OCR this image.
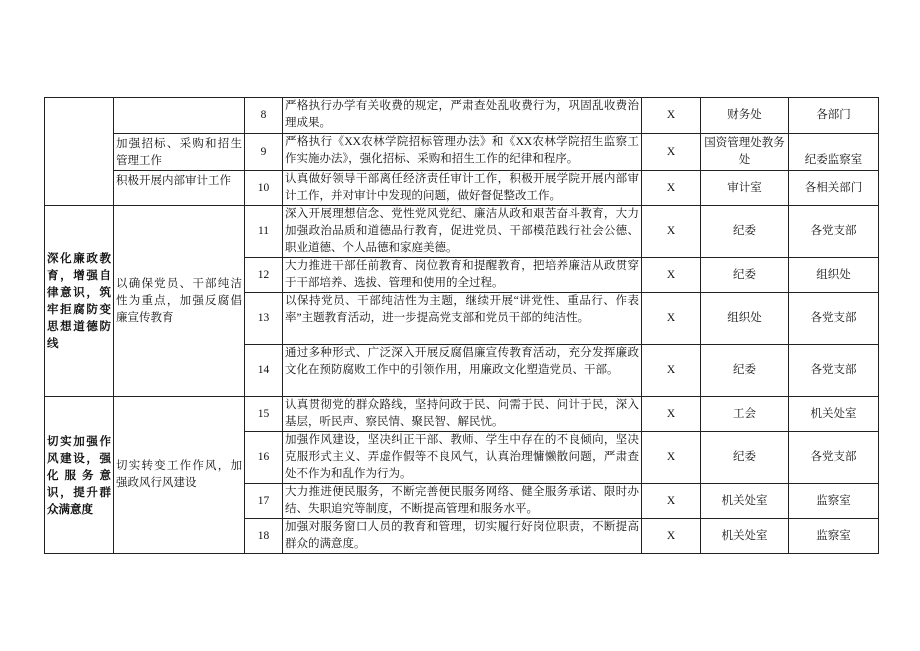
		8	严格执行办学有关收费的规定，严肃查处乱收费行为，巩固乱收费治理成果。	X	财务处	各部门
	加强招标、采购和招生管理工作	9	严格执行《XX农林学院招标管理办法》和《XX农林学院招生监察工作实施办法》，强化招标、采购和招生工作的纪律和程序。	X	国资管理处教务处	纪委监察室
	积极开展内部审计工作	10	认真做好领导干部离任经济责任审计工作，积极开展学院开展内部审计工作，并对审计中发现的问题，做好督促整改工作。	X	审计室	各相关部门
深化廉政教育，增强自律意识，筑牢拒腐防变思想道德防线	以确保党员、干部纯洁性为重点，加强反腐倡廉宣传教育	11	深入开展理想信念、党性党风党纪、廉洁从政和艰苦奋斗教育，大力加强政治品质和道德品行教育，促进党员、干部模范践行社会公德、职业道德、个人品德和家庭美德。	X	纪委	各党支部
		12	大力推进干部任前教育、岗位教育和提醒教育，把培养廉洁从政贯穿于干部培养、选拔、管理和使用的全过程。	X	纪委	组织处
		13	以保持党员、干部纯洁性为主题，继续开展“讲党性、重品行、作表率”主题教育活动，进一步提高党支部和党员干部的纯洁性。	X	组织处	各党支部
		14	通过多种形式、广泛深入开展反腐倡廉宣传教育活动，充分发挥廉政文化在预防腐败工作中的引领作用，用廉政文化塑造党员、干部。	X	纪委	各党支部
切实加强作风建设，强化服务意识，提升群众满意度	切实转变工作作风，加强政风行风建设	15	认真贯彻党的群众路线，坚持问政于民、问需于民、问计于民，深入基层，听民声、察民情、聚民智、解民忧。	X	工会	机关处室
		16	加强作风建设，坚决纠正干部、教师、学生中存在的不良倾向，坚决克服形式主义、弄虚作假等不良风气，认真治理慵懒散问题，严肃查处不作为和乱作为行为。	X	纪委	各党支部
		17	大力推进便民服务，不断完善便民服务网络、健全服务承诺、限时办结、失职追究等制度，不断提高管理和服务水平。	X	机关处室	监察室
		18	加强对服务窗口人员的教育和管理，切实履行好岗位职责，不断提高群众的满意度。	X	机关处室	监察室
